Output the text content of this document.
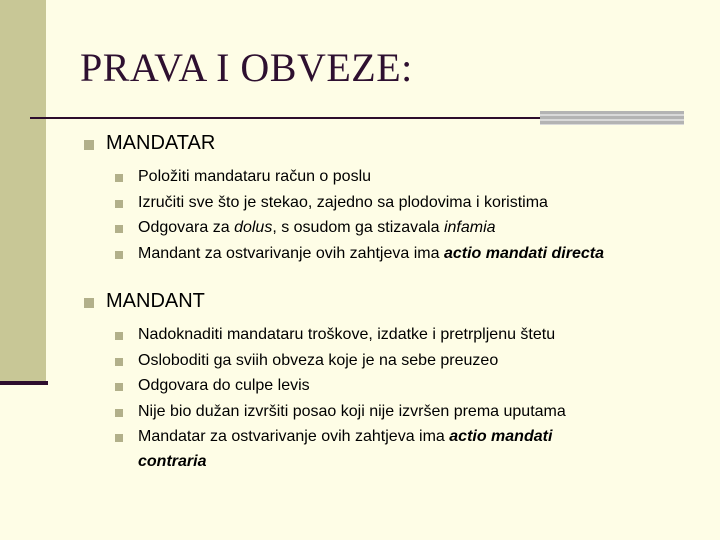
PRAVA I OBVEZE:
MANDATAR
Položiti mandataru račun o poslu
Izručiti sve što je stekao, zajedno sa plodovima i koristima
Odgovara za dolus, s osudom ga stizavala infamia
Mandant za ostvarivanje ovih zahtjeva ima actio mandati directa
MANDANT
Nadoknaditi mandataru troškove, izdatke i pretrpljenu štetu
Osloboditi ga sviih obveza koje je na sebe preuzeo
Odgovara do culpe levis
Nije bio dužan izvršiti posao koji nije izvršen prema uputama
Mandatar za ostvarivanje ovih zahtjeva ima actio mandati
contraria
